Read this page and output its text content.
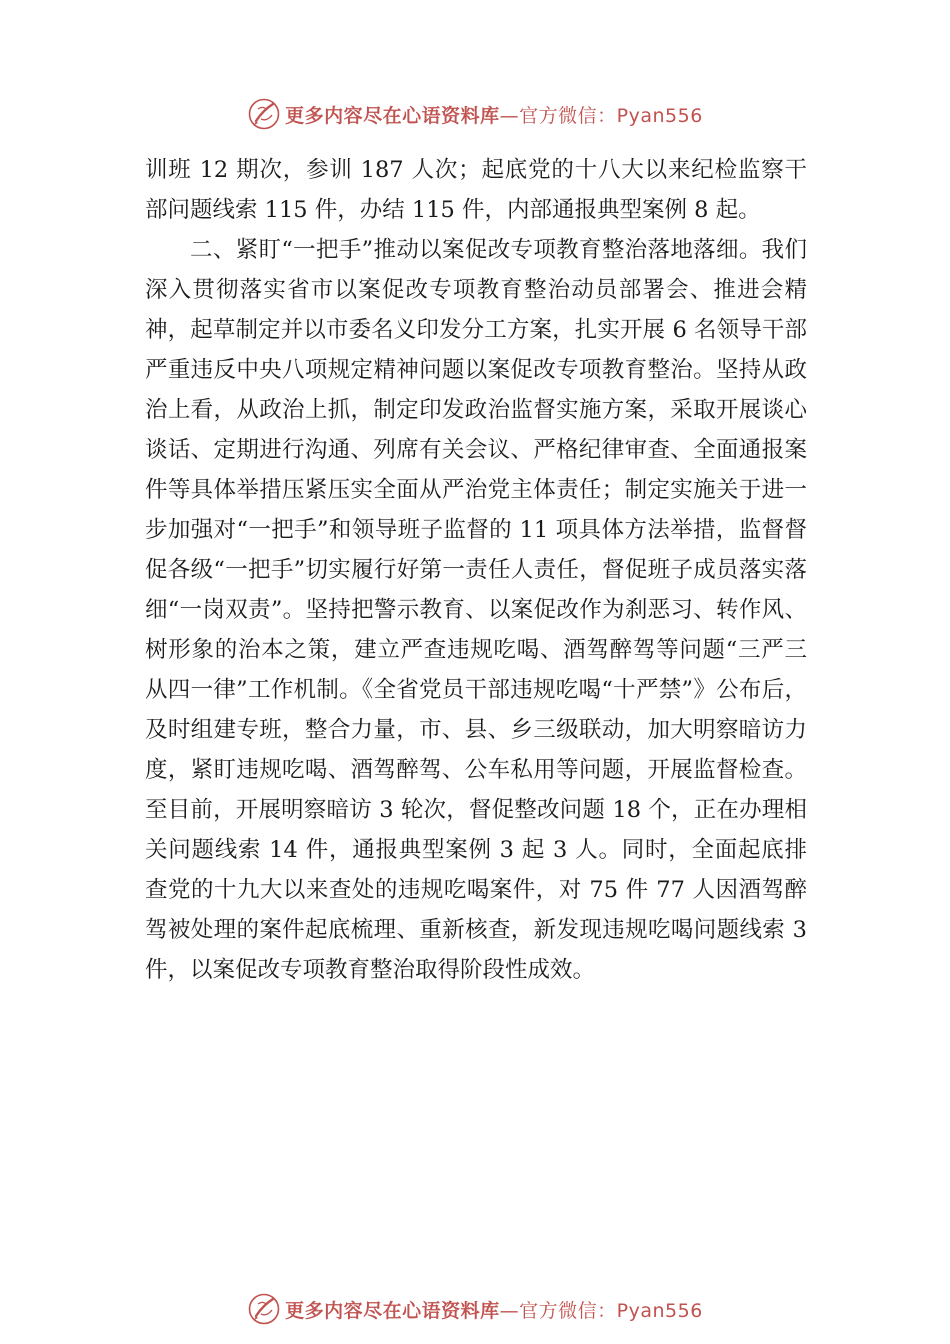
更多内容尽在心语资料库—官方微信：Pyan556

训班 12 期次，参训 187 人次；起底党的十八大以来纪检监察干部问题线索 115 件，办结 115 件，内部通报典型案例 8 起。

二、紧盯“一把手”推动以案促改专项教育整治落地落细。我们深入贯彻落实省市以案促改专项教育整治动员部署会、推进会精神，起草制定并以市委名义印发分工方案，扎实开展 6 名领导干部严重违反中央八项规定精神问题以案促改专项教育整治。坚持从政治上看，从政治上抓，制定印发政治监督实施方案，采取开展谈心谈话、定期进行沟通、列席有关会议、严格纪律审查、全面通报案件等具体举措压紧压实全面从严治党主体责任；制定实施关于进一步加强对“一把手”和领导班子监督的 11 项具体方法举措，监督督促各级“一把手”切实履行好第一责任人责任，督促班子成员落实落细“一岗双责”。坚持把警示教育、以案促改作为刹恶习、转作风、树形象的治本之策，建立严查违规吃喝、酒驾醉驾等问题“三严三从四一律”工作机制。《全省党员干部违规吃喝“十严禁”》公布后，及时组建专班，整合力量，市、县、乡三级联动，加大明察暗访力度，紧盯违规吃喝、酒驾醉驾、公车私用等问题，开展监督检查。至目前，开展明察暗访 3 轮次，督促整改问题 18 个，正在办理相关问题线索 14 件，通报典型案例 3 起 3 人。同时，全面起底排查党的十九大以来查处的违规吃喝案件，对 75 件 77 人因酒驾醉驾被处理的案件起底梳理、重新核查，新发现违规吃喝问题线索 3 件，以案促改专项教育整治取得阶段性成效。

更多内容尽在心语资料库—官方微信：Pyan556
